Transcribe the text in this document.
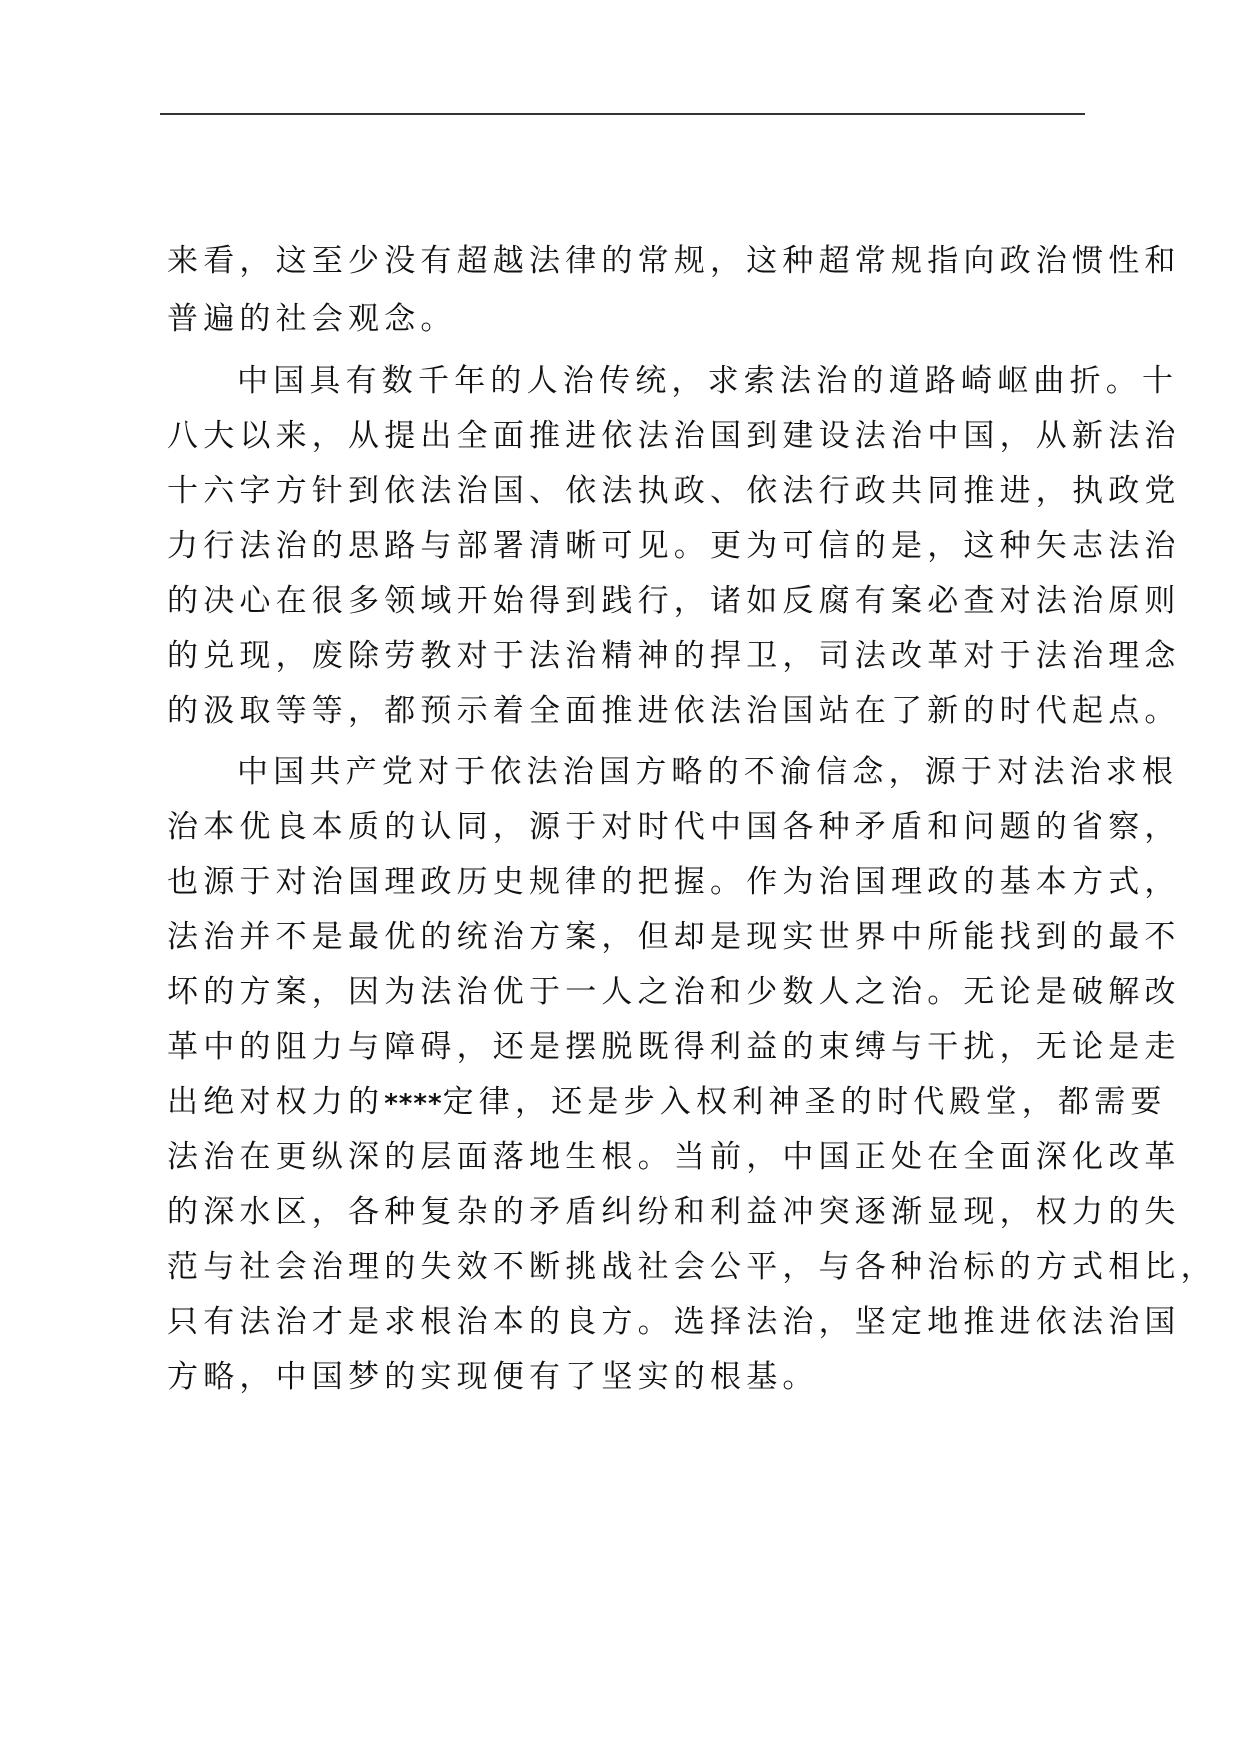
来看，这至少没有超越法律的常规，这种超常规指向政治惯性和
普遍的社会观念。
中国具有数千年的人治传统，求索法治的道路崎岖曲折。十
八大以来，从提出全面推进依法治国到建设法治中国，从新法治
十六字方针到依法治国、依法执政、依法行政共同推进，执政党
力行法治的思路与部署清晰可见。更为可信的是，这种矢志法治
的决心在很多领域开始得到践行，诸如反腐有案必查对法治原则
的兑现，废除劳教对于法治精神的捍卫，司法改革对于法治理念
的汲取等等，都预示着全面推进依法治国站在了新的时代起点。
中国共产党对于依法治国方略的不渝信念，源于对法治求根
治本优良本质的认同，源于对时代中国各种矛盾和问题的省察，
也源于对治国理政历史规律的把握。作为治国理政的基本方式，
法治并不是最优的统治方案，但却是现实世界中所能找到的最不
坏的方案，因为法治优于一人之治和少数人之治。无论是破解改
革中的阻力与障碍，还是摆脱既得利益的束缚与干扰，无论是走
出绝对权力的****定律，还是步入权利神圣的时代殿堂，都需要
法治在更纵深的层面落地生根。当前，中国正处在全面深化改革
的深水区，各种复杂的矛盾纠纷和利益冲突逐渐显现，权力的失
范与社会治理的失效不断挑战社会公平，与各种治标的方式相比，
只有法治才是求根治本的良方。选择法治，坚定地推进依法治国
方略，中国梦的实现便有了坚实的根基。
